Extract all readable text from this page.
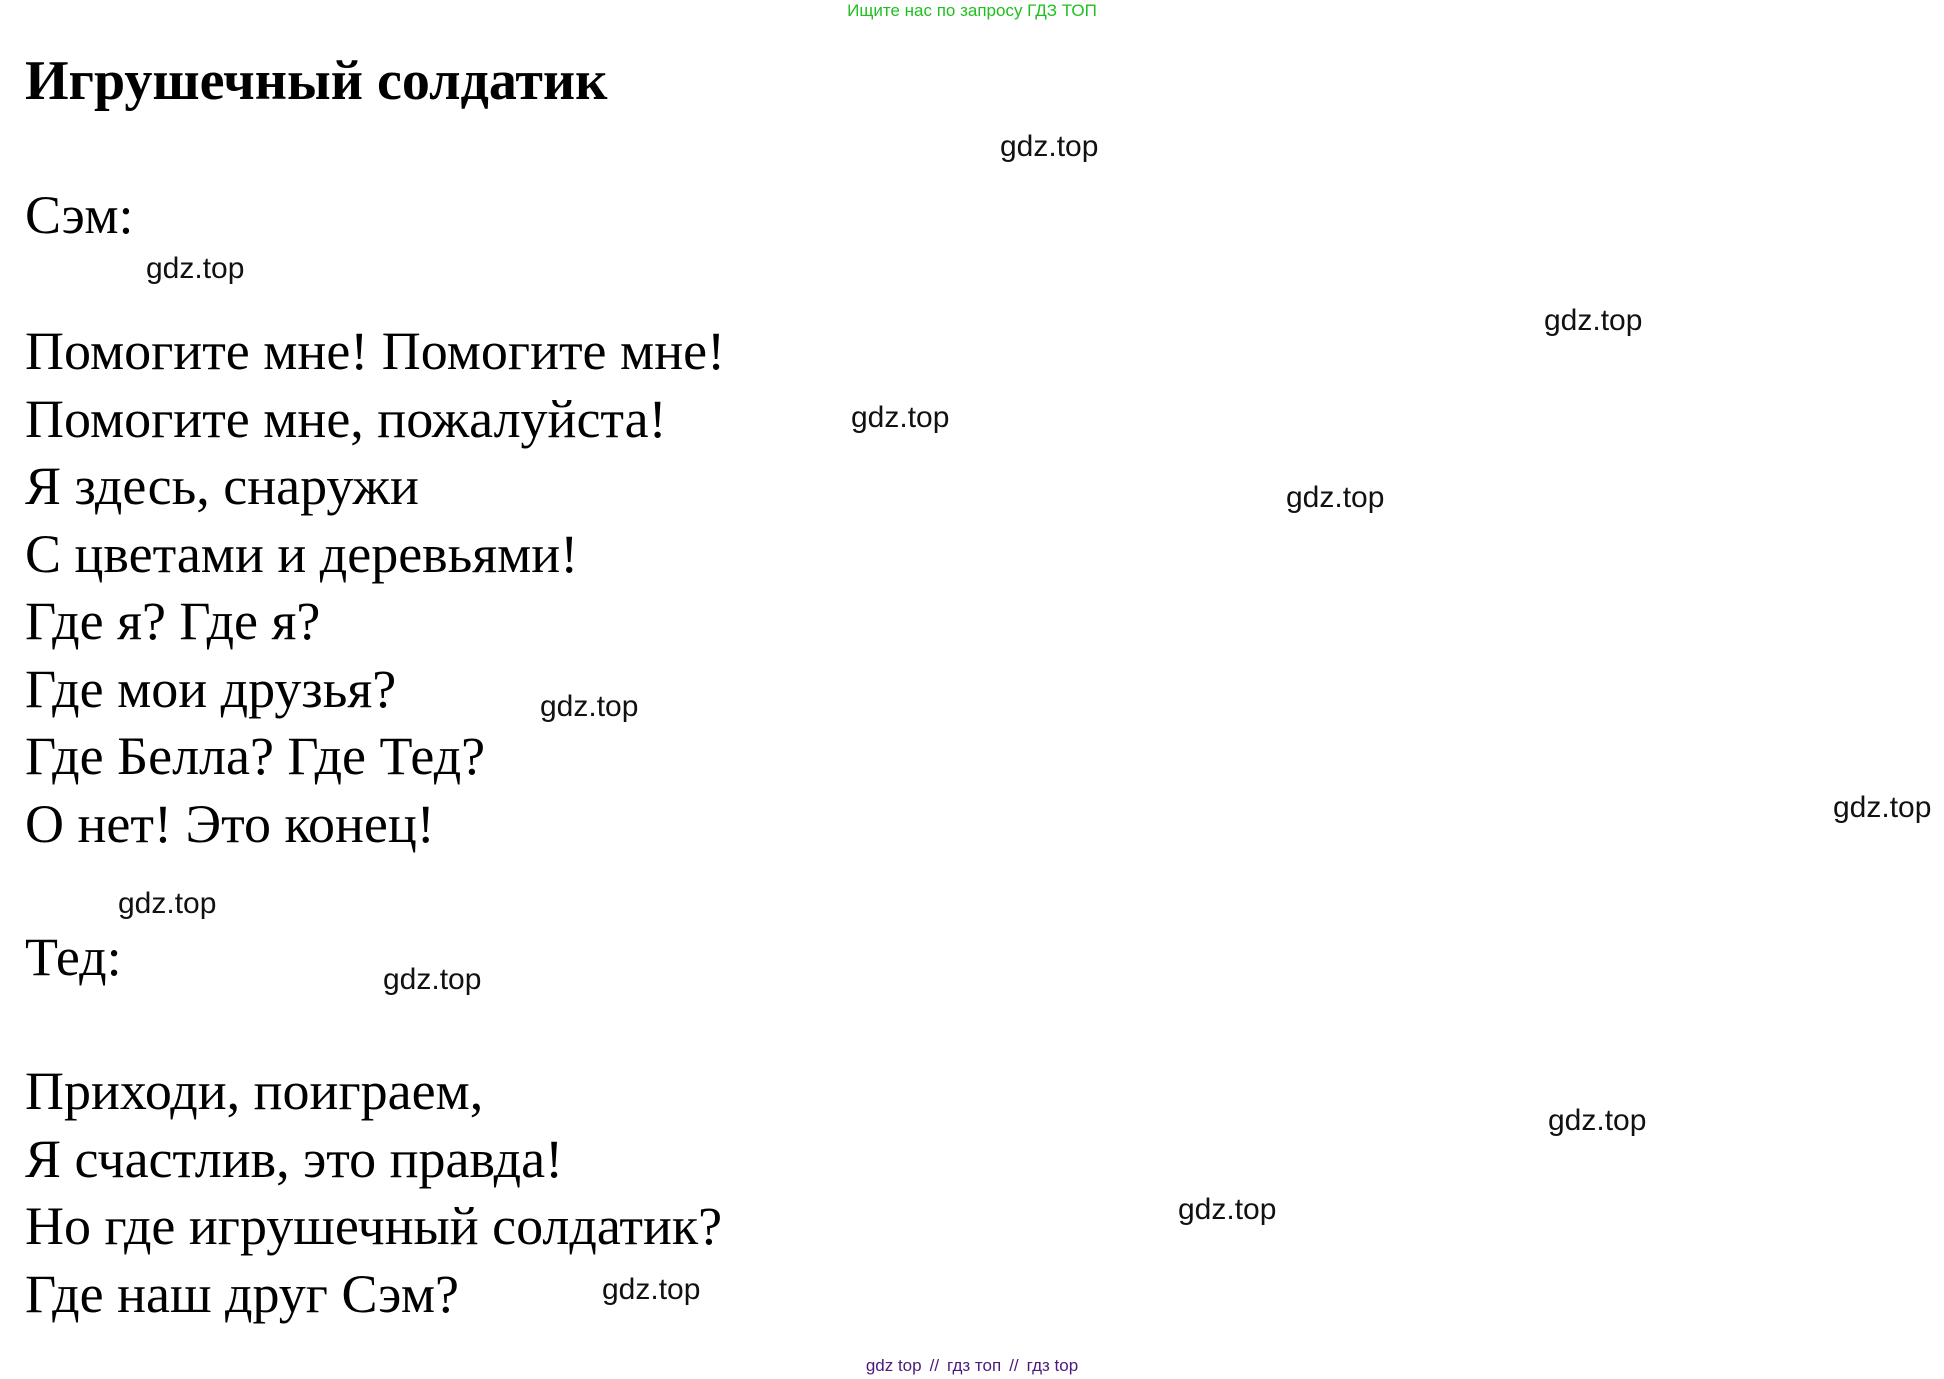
Ищите нас по запросу ГДЗ ТОП
Игрушечный солдатик

Сэм:

Помогите мне! Помогите мне!
Помогите мне, пожалуйста!
Я здесь, снаружи
С цветами и деревьями!
Где я? Где я?
Где мои друзья?
Где Белла? Где Тед?
О нет! Это конец!

Тед:

Приходи, поиграем,
Я счастлив, это правда!
Но где игрушечный солдатик?
Где наш друг Сэм?
gdz.top
gdz.top
gdz.top
gdz.top
gdz.top
gdz.top
gdz.top
gdz.top
gdz.top
gdz.top
gdz.top
gdz.top
gdz top // гдз топ // гдз top
